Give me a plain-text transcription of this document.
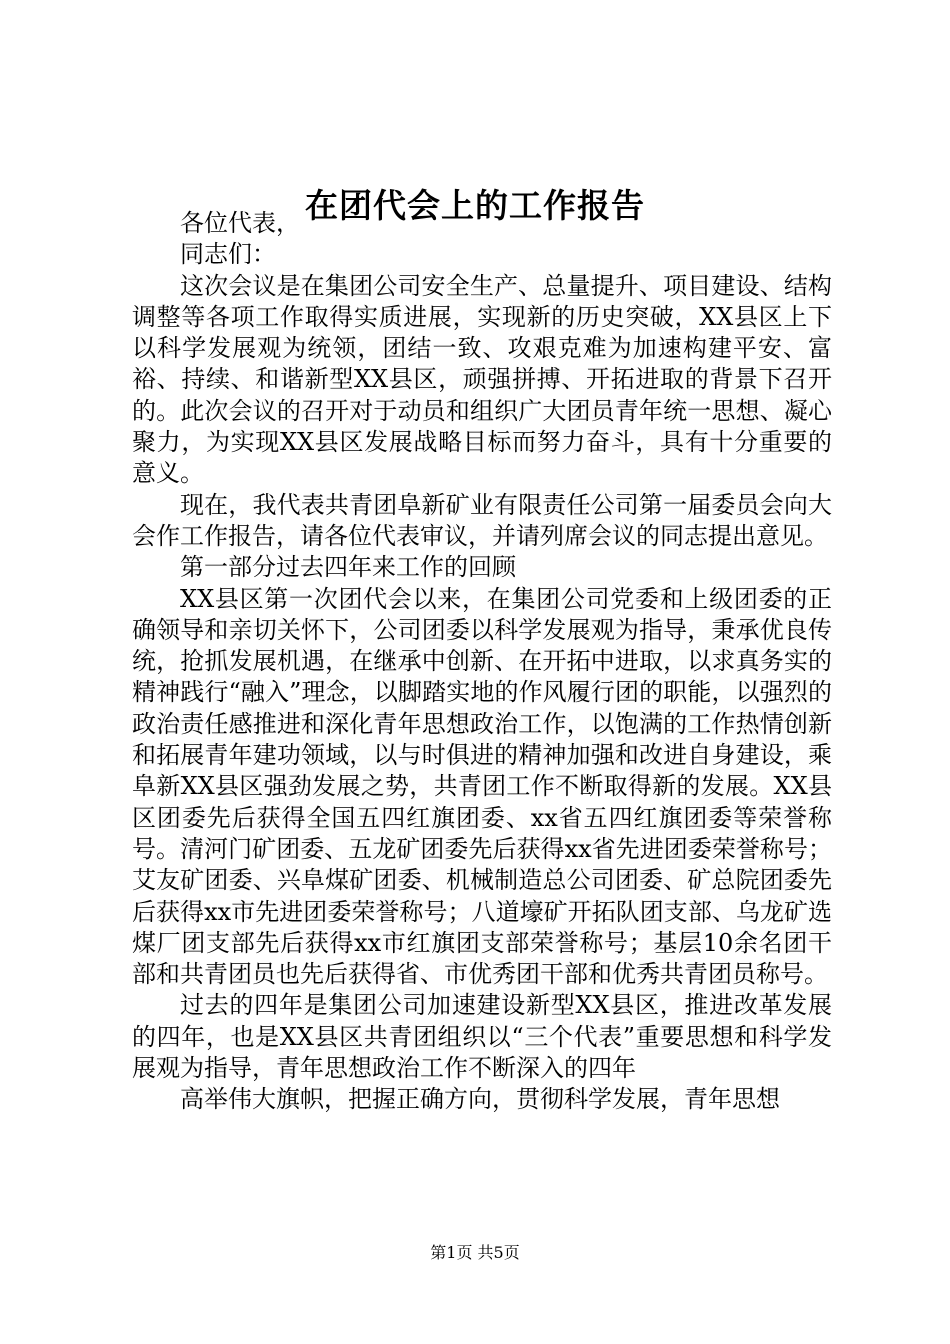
在团代会上的工作报告

各位代表，

同志们：

这次会议是在集团公司安全生产、总量提升、项目建设、结构调整等各项工作取得实质进展，实现新的历史突破，XX县区上下以科学发展观为统领，团结一致、攻艰克难为加速构建平安、富裕、持续、和谐新型XX县区，顽强拼搏、开拓进取的背景下召开的。此次会议的召开对于动员和组织广大团员青年统一思想、凝心聚力，为实现XX县区发展战略目标而努力奋斗，具有十分重要的意义。

现在，我代表共青团阜新矿业有限责任公司第一届委员会向大会作工作报告，请各位代表审议，并请列席会议的同志提出意见。

第一部分过去四年来工作的回顾

XX县区第一次团代会以来，在集团公司党委和上级团委的正确领导和亲切关怀下，公司团委以科学发展观为指导，秉承优良传统，抢抓发展机遇，在继承中创新、在开拓中进取，以求真务实的精神践行“融入”理念，以脚踏实地的作风履行团的职能，以强烈的政治责任感推进和深化青年思想政治工作，以饱满的工作热情创新和拓展青年建功领域，以与时俱进的精神加强和改进自身建设，乘阜新XX县区强劲发展之势，共青团工作不断取得新的发展。XX县区团委先后获得全国五四红旗团委、xx省五四红旗团委等荣誉称号。清河门矿团委、五龙矿团委先后获得xx省先进团委荣誉称号；艾友矿团委、兴阜煤矿团委、机械制造总公司团委、矿总院团委先后获得xx市先进团委荣誉称号；八道壕矿开拓队团支部、乌龙矿选煤厂团支部先后获得xx市红旗团支部荣誉称号；基层10余名团干部和共青团员也先后获得省、市优秀团干部和优秀共青团员称号。

过去的四年是集团公司加速建设新型XX县区，推进改革发展的四年，也是XX县区共青团组织以“三个代表”重要思想和科学发展观为指导，青年思想政治工作不断深入的四年

高举伟大旗帜，把握正确方向，贯彻科学发展，青年思想

第1页 共5页
